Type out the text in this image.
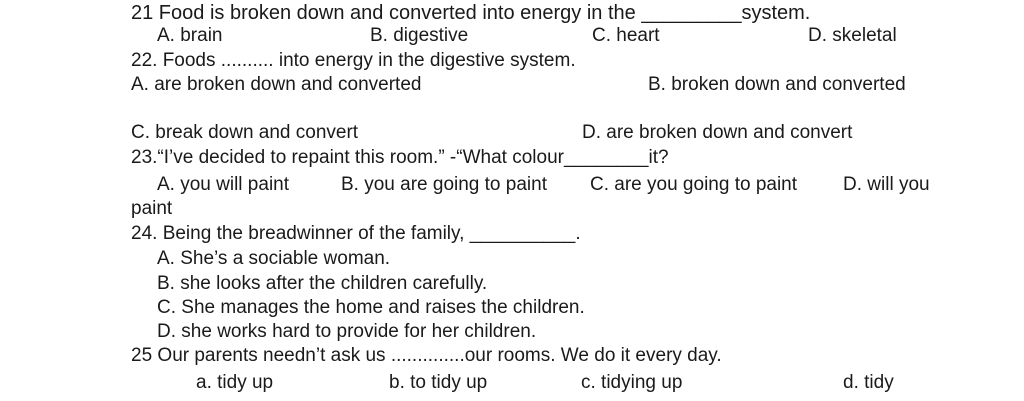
21 Food is broken down and converted into energy in the _________system.
A. brain	B. digestive	C. heart	D. skeletal
22. Foods .......... into energy in the digestive system.
A. are broken down and converted	B. broken down and converted
C. break down and convert	D. are broken down and convert
23.“I’ve decided to repaint this room.” -“What colour________it?
A. you will paint	B. you are going to paint C. are you going to paint D. will you
paint
24. Being the breadwinner of the family, __________.
A. She’s a sociable woman.
B. she looks after the children carefully.
C. She manages the home and raises the children.
D. she works hard to provide for her children.
25 Our parents needn’t ask us ..............our rooms. We do it every day.
a. tidy up	b. to tidy up	c. tidying up	d. tidy
